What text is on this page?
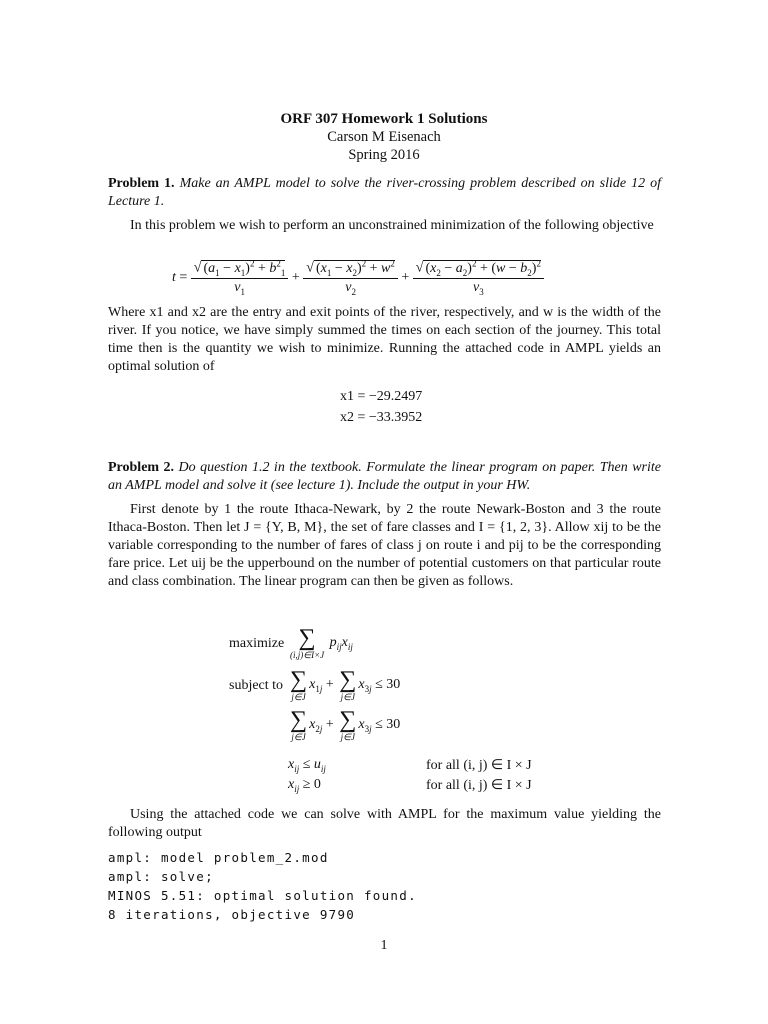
ORF 307 Homework 1 Solutions
Carson M Eisenach
Spring 2016
Problem 1. Make an AMPL model to solve the river-crossing problem described on slide 12 of Lecture 1.
In this problem we wish to perform an unconstrained minimization of the following objective
$t = \frac{√ (a_1 - x_1)^2 + b^2_1}{v_1} + \frac{√ (x_1 - x_2)^2 + w^2}{v_2} + \frac{√ (x_2 - a_2)^2 + (w - b_2)^2}{v_3}$
Where x1 and x2 are the entry and exit points of the river, respectively, and w is the width of the river. If you notice, we have simply summed the times on each section of the journey. This total time then is the quantity we wish to minimize. Running the attached code in AMPL yields an optimal solution of
x1 = −29.2497
x2 = −33.3952
Problem 2. Do question 1.2 in the textbook. Formulate the linear program on paper. Then write an AMPL model and solve it (see lecture 1). Include the output in your HW.
First denote by 1 the route Ithaca-Newark, by 2 the route Newark-Boston and 3 the route Ithaca-Boston. Then let J = {Y, B, M}, the set of fare classes and I = {1, 2, 3}. Allow xij to be the variable corresponding to the number of fares of class j on route i and pij to be the corresponding fare price. Let uij be the upperbound on the number of potential customers on that particular route and class combination. The linear program can then be given as follows.
maximize ∑
(i,j)∈I×J
$p_{ij}x_{ij}$
subject to ∑
j∈J
$x_{1j}$ + ∑
j∈J
$x_{3j} \le 30$
∑
j∈J
$x_{2j}$ + ∑
j∈J
$x_{3j} \le 30$
$x_{ij} \le u_{ij}$	for all (i, j) ∈ I × J
$x_{ij} \ge 0$	for all (i, j) ∈ I × J
Using the attached code we can solve with AMPL for the maximum value yielding the following output
ampl: model problem_2.mod
ampl: solve;
MINOS 5.51: optimal solution found.
8 iterations, objective 9790
1
